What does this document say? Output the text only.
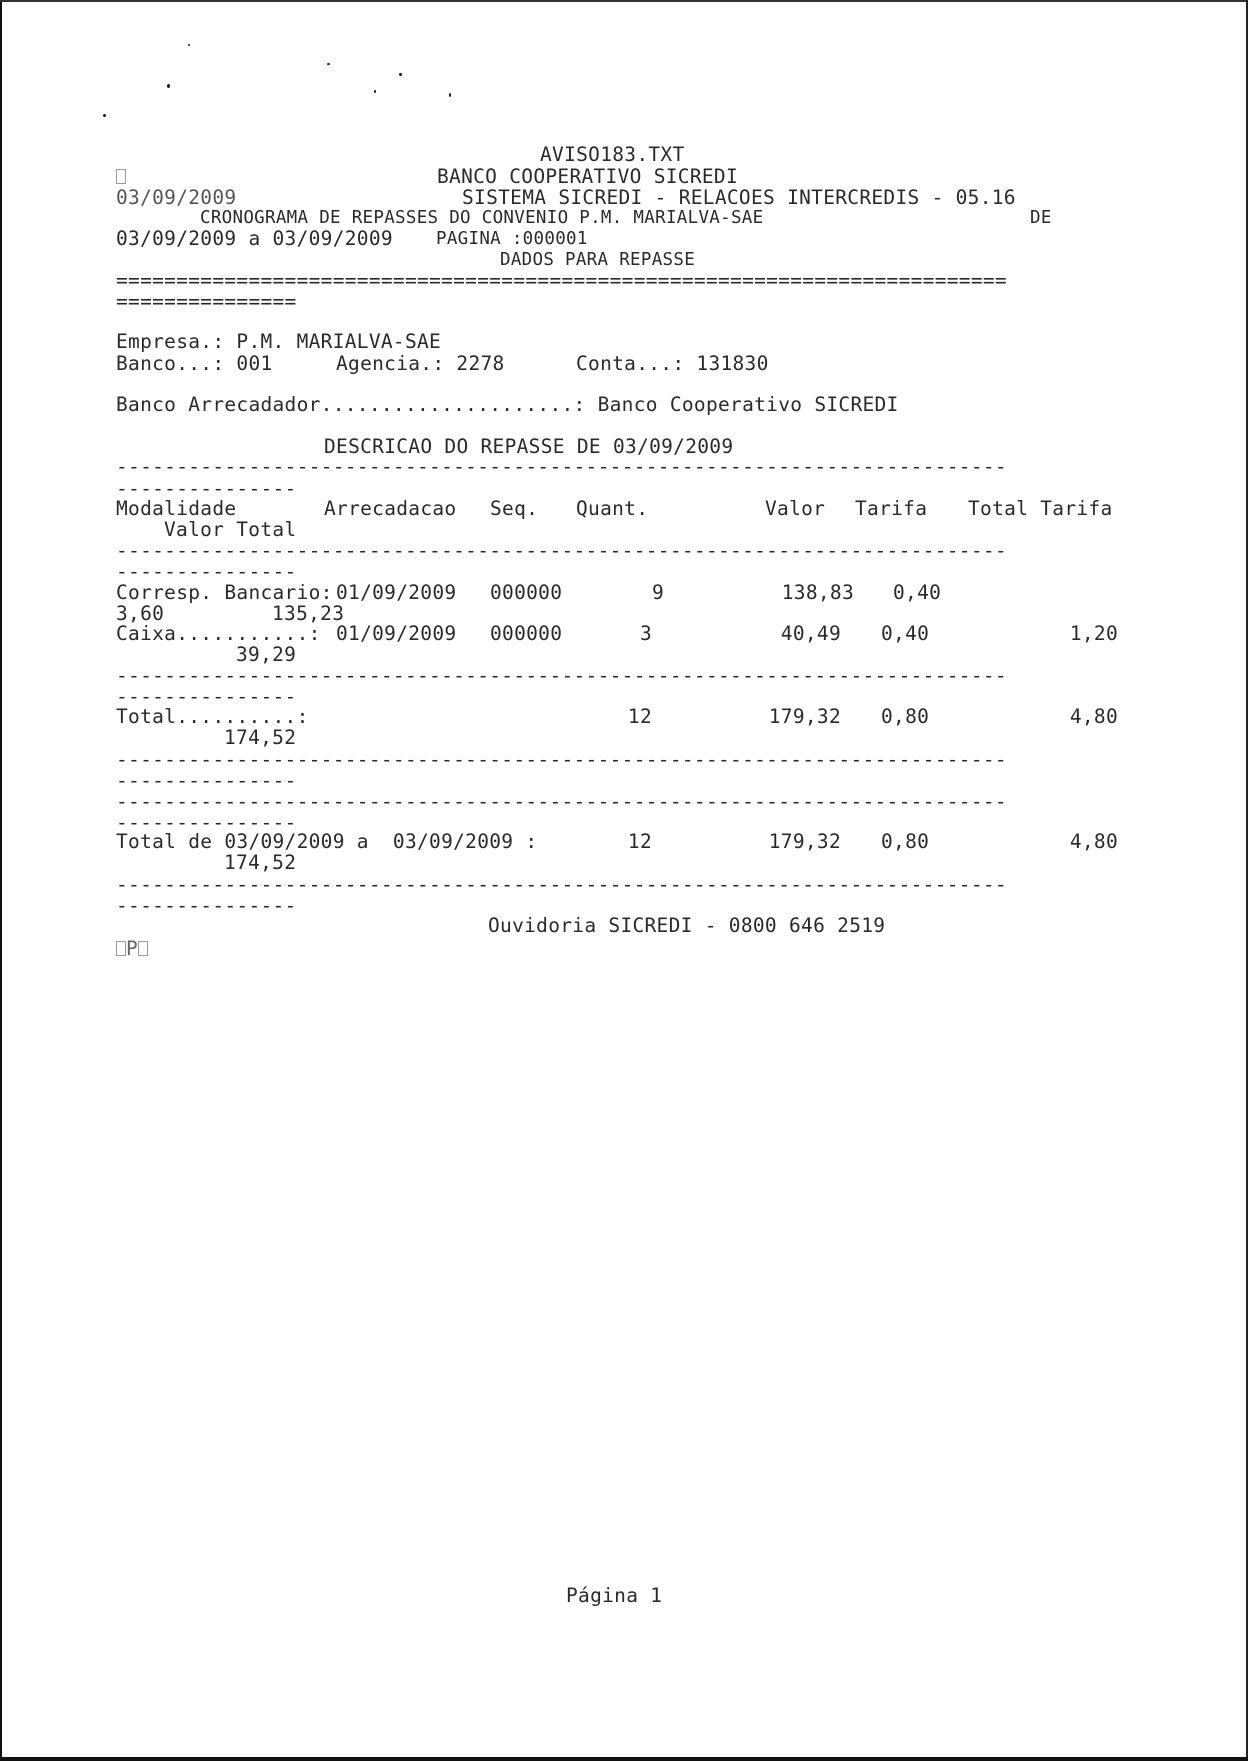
AVISO183.TXT
BANCO COOPERATIVO SICREDI
03/09/2009	SISTEMA SICREDI - RELACOES INTERCREDIS - 05.16
CRONOGRAMA DE REPASSES DO CONVENIO P.M. MARIALVA-SAE	DE
03/09/2009 a 03/09/2009 PAGINA :000001
DADOS PARA REPASSE
==========================================================================
===============
Empresa.: P.M. MARIALVA-SAE
Banco...: 001	Agencia.: 2278	Conta...: 131830
Banco Arrecadador.....................: Banco Cooperativo SICREDI
DESCRICAO DO REPASSE DE 03/09/2009
--------------------------------------------------------------------------
---------------
Modalidade	Arrecadacao Seq. Quant.	Valor Tarifa Total Tarifa
Valor Total
--------------------------------------------------------------------------
---------------
Corresp. Bancario: 01/09/2009 000000	9	138,83 0,40
3,60	135,23
Caixa...........: 01/09/2009 000000	3	40,49 0,40	1,20
39,29
--------------------------------------------------------------------------
---------------
Total..........:	12	179,32 0,80	4,80
174,52
--------------------------------------------------------------------------
---------------
--------------------------------------------------------------------------
---------------
Total de 03/09/2009 a  03/09/2009 :	12	179,32 0,80	4,80
174,52
--------------------------------------------------------------------------
---------------
Ouvidoria SICREDI - 0800 646 2519
P
Página 1
